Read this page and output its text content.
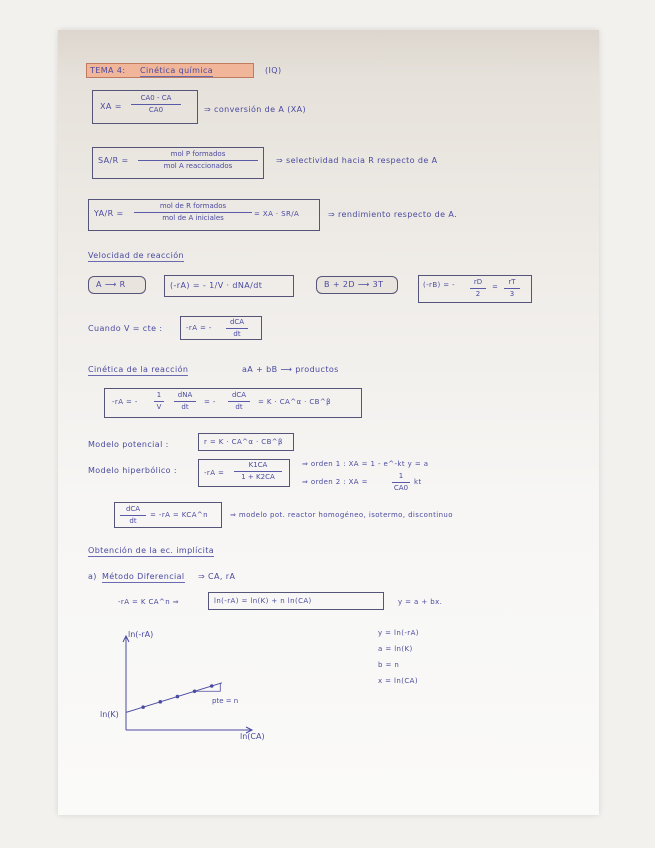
TEMA 4: Cinética química	(IQ)
XA =
CA0 - CA
CA0	⇒ conversión de A (XA)
SA/R =
mol P formados
mol A reaccionados
⇒ selectividad hacia R respecto de A
YA/R =
mol de R formados
mol de A iniciales	= XA · SR/A	⇒ rendimiento respecto de A.
Velocidad de reacción
A ⟶ R	(-rA) = - 1/V · dNA/dt	B + 2D ⟶ 3T	(-rB) = -	rD
2
=
rT
3
Cuando V = cte :	-rA = -
dCA
dt
Cinética de la reacción	aA + bB ⟶ productos
-rA = -
1
V
dNA
dt
= -
dCA
dt
= K · CA^α · CB^β
Modelo potencial :	r = K · CA^α · CB^β
Modelo hiperbólico :	-rA =
K1CA
1 + K2CA
⇒ orden 1 : XA = 1 - e^-kt y = a
⇒ orden 2 : XA =
1
CA0
kt
dCA
dt
= -rA = KCA^n	⇒ modelo pot. reactor homogéneo, isotermo, discontinuo
Obtención de la ec. implícita
a) Método Diferencial ⇒ CA, rA
-rA = K CA^n ⇒	ln(-rA) = ln(K) + n ln(CA)	y = a + bx.
y = ln(-rA)
a = ln(K)
b = n
x = ln(CA)
ln(-rA)
ln(K)
ln(CA)
pte = n
